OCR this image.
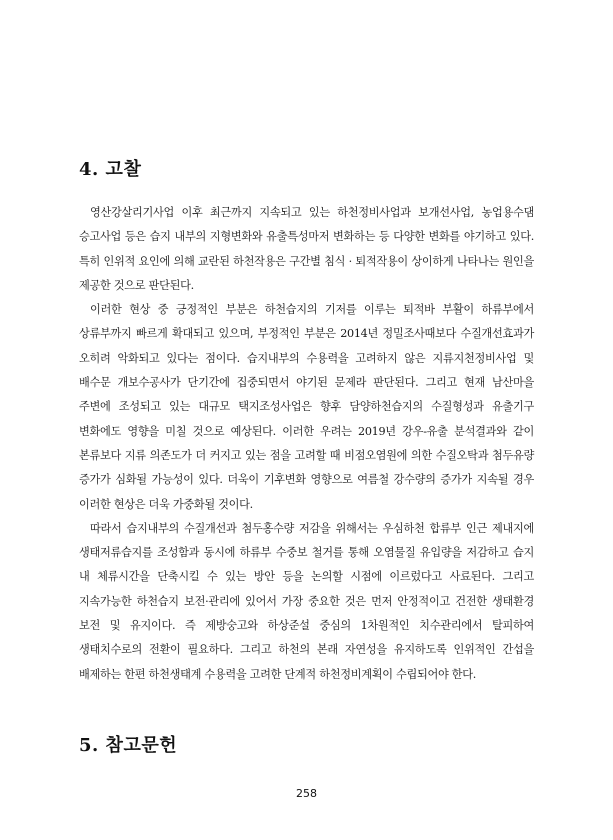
4. 고찰

영산강살리기사업 이후 최근까지 지속되고 있는 하천정비사업과 보개선사업, 농업용수댐 승고사업 등은 습지 내부의 지형변화와 유출특성마저 변화하는 등 다양한 변화를 야기하고 있다. 특히 인위적 요인에 의해 교란된 하천작용은 구간별 침식 · 퇴적작용이 상이하게 나타나는 원인을 제공한 것으로 판단된다.

이러한 현상 중 긍정적인 부분은 하천습지의 기저를 이루는 퇴적바 부활이 하류부에서 상류부까지 빠르게 확대되고 있으며, 부정적인 부분은 2014년 정밀조사때보다 수질개선효과가 오히려 악화되고 있다는 점이다. 습지내부의 수용력을 고려하지 않은 지류지천정비사업 및 배수문 개보수공사가 단기간에 집중되면서 야기된 문제라 판단된다. 그리고 현재 남산마을 주변에 조성되고 있는 대규모 택지조성사업은 향후 담양하천습지의 수질형성과 유출기구 변화에도 영향을 미칠 것으로 예상된다. 이러한 우려는 2019년 강우-유출 분석결과와 같이 본류보다 지류 의존도가 더 커지고 있는 점을 고려할 때 비점오염원에 의한 수질오탁과 첨두유량 증가가 심화될 가능성이 있다. 더욱이 기후변화 영향으로 여름철 강수량의 증가가 지속될 경우 이러한 현상은 더욱 가중화될 것이다.

따라서 습지내부의 수질개선과 첨두홍수량 저감을 위해서는 우심하천 합류부 인근 제내지에 생태저류습지를 조성함과 동시에 하류부 수중보 철거를 통해 오염물질 유입량을 저감하고 습지 내 체류시간을 단축시킬 수 있는 방안 등을 논의할 시점에 이르렀다고 사료된다. 그리고 지속가능한 하천습지 보전·관리에 있어서 가장 중요한 것은 먼저 안정적이고 건전한 생태환경 보전 및 유지이다. 즉 제방숭고와 하상준설 중심의 1차원적인 치수관리에서 탈피하여 생태치수로의 전환이 필요하다. 그리고 하천의 본래 자연성을 유지하도록 인위적인 간섭을 배제하는 한편 하천생태계 수용력을 고려한 단계적 하천정비계획이 수립되어야 한다.

5. 참고문헌
258
